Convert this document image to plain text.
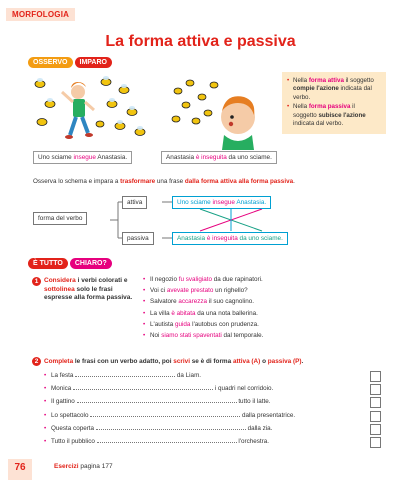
MORFOLOGIA
La forma attiva e passiva
OSSERVO	IMPARO

• Nella forma attiva il soggetto compie l'azione indicata dal verbo.

• Nella forma passiva il soggetto subisce l'azione indicata dal verbo.

Uno sciame insegue Anastasia.	Anastasia è inseguita da uno sciame.
Osserva lo schema e impara a trasformare una frase dalla forma attiva alla forma passiva.
forma del verbo
attiva
passiva
Uno sciame insegue Anastasia.
Anastasia è inseguita da uno sciame.
È TUTTO	CHIARO?
1 Considera i verbi colorati e sottolinea solo le frasi espresse alla forma passiva.
• Il negozio fu svaligiato da due rapinatori.
• Voi ci avevate prestato un righello?
• Salvatore accarezza il suo cagnolino.
• La villa è abitata da una nota ballerina.
• L'autista guida l'autobus con prudenza.
• Noi siamo stati spaventati dal temporale.
2 Completa le frasi con un verbo adatto, poi scrivi se è di forma attiva (A) o passiva (P).
• La festa	da Liam.
• Monica	i quadri nel corridoio.
• Il gattino	tutto il latte.
• Lo spettacolo	dalla presentatrice.
• Questa coperta	dalla zia.
• Tutto il pubblico	l'orchestra.
76	Esercizi pagina 177
